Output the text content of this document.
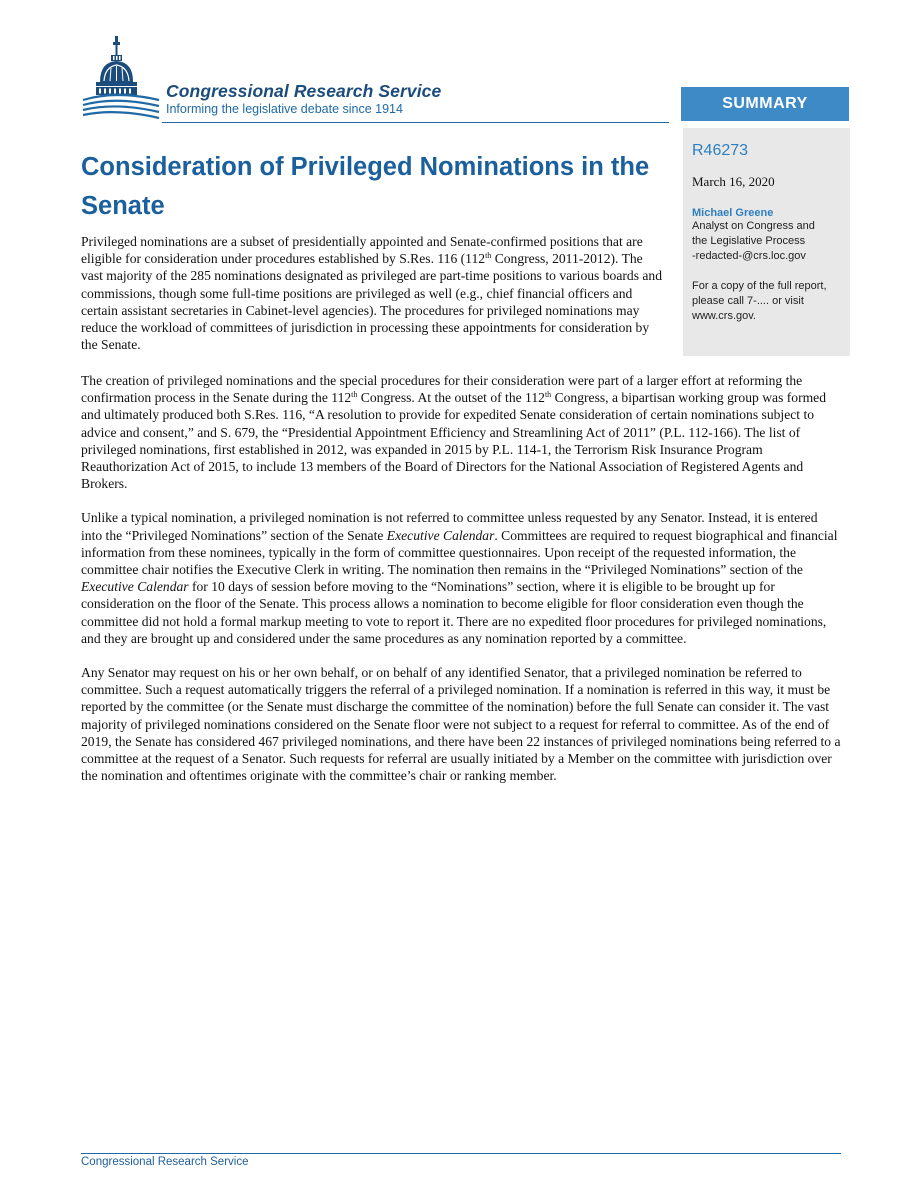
Congressional Research Service
Informing the legislative debate since 1914	SUMMARY
R46273
March 16, 2020
Michael Greene
Analyst on Congress and
the Legislative Process
-redacted-@crs.loc.gov
For a copy of the full report,
please call 7-.... or visit
www.crs.gov.
Consideration of Privileged Nominations in the Senate

Privileged nominations are a subset of presidentially appointed and Senate-confirmed positions that are eligible for consideration under procedures established by S.Res. 116 (112th Congress, 2011-2012). The vast majority of the 285 nominations designated as privileged are part-time positions to various boards and commissions, though some full-time positions are privileged as well (e.g., chief financial officers and certain assistant secretaries in Cabinet-level agencies). The procedures for privileged nominations may reduce the workload of committees of jurisdiction in processing these appointments for consideration by the Senate.

The creation of privileged nominations and the special procedures for their consideration were part of a larger effort at reforming the confirmation process in the Senate during the 112th Congress. At the outset of the 112th Congress, a bipartisan working group was formed and ultimately produced both S.Res. 116, “A resolution to provide for expedited Senate consideration of certain nominations subject to advice and consent,” and S. 679, the “Presidential Appointment Efficiency and Streamlining Act of 2011” (P.L. 112-166). The list of privileged nominations, first established in 2012, was expanded in 2015 by P.L. 114-1, the Terrorism Risk Insurance Program Reauthorization Act of 2015, to include 13 members of the Board of Directors for the National Association of Registered Agents and Brokers.

Unlike a typical nomination, a privileged nomination is not referred to committee unless requested by any Senator. Instead, it is entered into the “Privileged Nominations” section of the Senate Executive Calendar. Committees are required to request biographical and financial information from these nominees, typically in the form of committee questionnaires. Upon receipt of the requested information, the committee chair notifies the Executive Clerk in writing. The nomination then remains in the “Privileged Nominations” section of the Executive Calendar for 10 days of session before moving to the “Nominations” section, where it is eligible to be brought up for consideration on the floor of the Senate. This process allows a nomination to become eligible for floor consideration even though the committee did not hold a formal markup meeting to vote to report it. There are no expedited floor procedures for privileged nominations, and they are brought up and considered under the same procedures as any nomination reported by a committee.

Any Senator may request on his or her own behalf, or on behalf of any identified Senator, that a privileged nomination be referred to committee. Such a request automatically triggers the referral of a privileged nomination. If a nomination is referred in this way, it must be reported by the committee (or the Senate must discharge the committee of the nomination) before the full Senate can consider it. The vast majority of privileged nominations considered on the Senate floor were not subject to a request for referral to committee. As of the end of 2019, the Senate has considered 467 privileged nominations, and there have been 22 instances of privileged nominations being referred to a committee at the request of a Senator. Such requests for referral are usually initiated by a Member on the committee with jurisdiction over the nomination and oftentimes originate with the committee’s chair or ranking member.

Congressional Research Service
